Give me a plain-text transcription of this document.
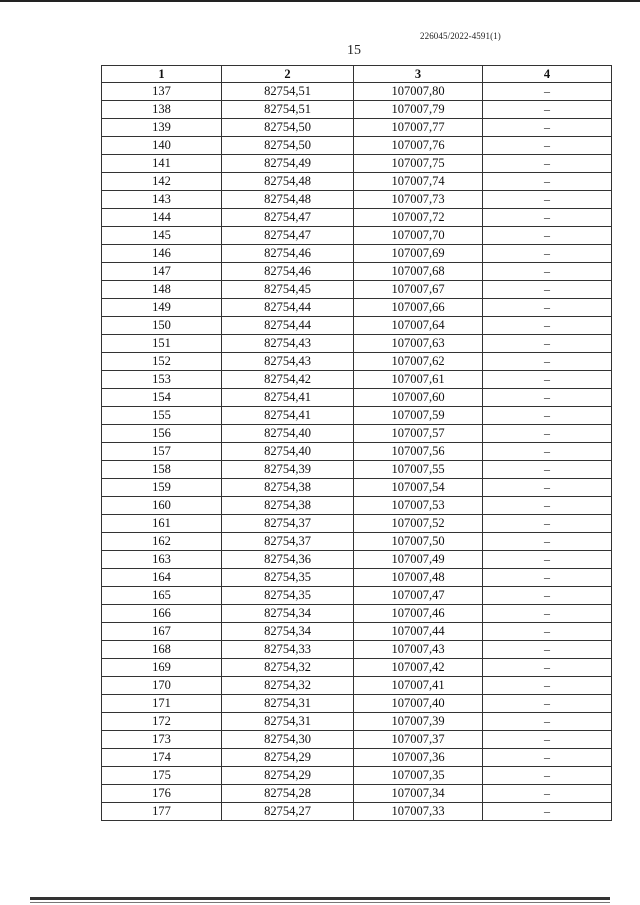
226045/2022-4591(1)
15
1	2	3	4
137	82754,51	107007,80	–
138	82754,51	107007,79	–
139	82754,50	107007,77	–
140	82754,50	107007,76	–
141	82754,49	107007,75	–
142	82754,48	107007,74	–
143	82754,48	107007,73	–
144	82754,47	107007,72	–
145	82754,47	107007,70	–
146	82754,46	107007,69	–
147	82754,46	107007,68	–
148	82754,45	107007,67	–
149	82754,44	107007,66	–
150	82754,44	107007,64	–
151	82754,43	107007,63	–
152	82754,43	107007,62	–
153	82754,42	107007,61	–
154	82754,41	107007,60	–
155	82754,41	107007,59	–
156	82754,40	107007,57	–
157	82754,40	107007,56	–
158	82754,39	107007,55	–
159	82754,38	107007,54	–
160	82754,38	107007,53	–
161	82754,37	107007,52	–
162	82754,37	107007,50	–
163	82754,36	107007,49	–
164	82754,35	107007,48	–
165	82754,35	107007,47	–
166	82754,34	107007,46	–
167	82754,34	107007,44	–
168	82754,33	107007,43	–
169	82754,32	107007,42	–
170	82754,32	107007,41	–
171	82754,31	107007,40	–
172	82754,31	107007,39	–
173	82754,30	107007,37	–
174	82754,29	107007,36	–
175	82754,29	107007,35	–
176	82754,28	107007,34	–
177	82754,27	107007,33	–
